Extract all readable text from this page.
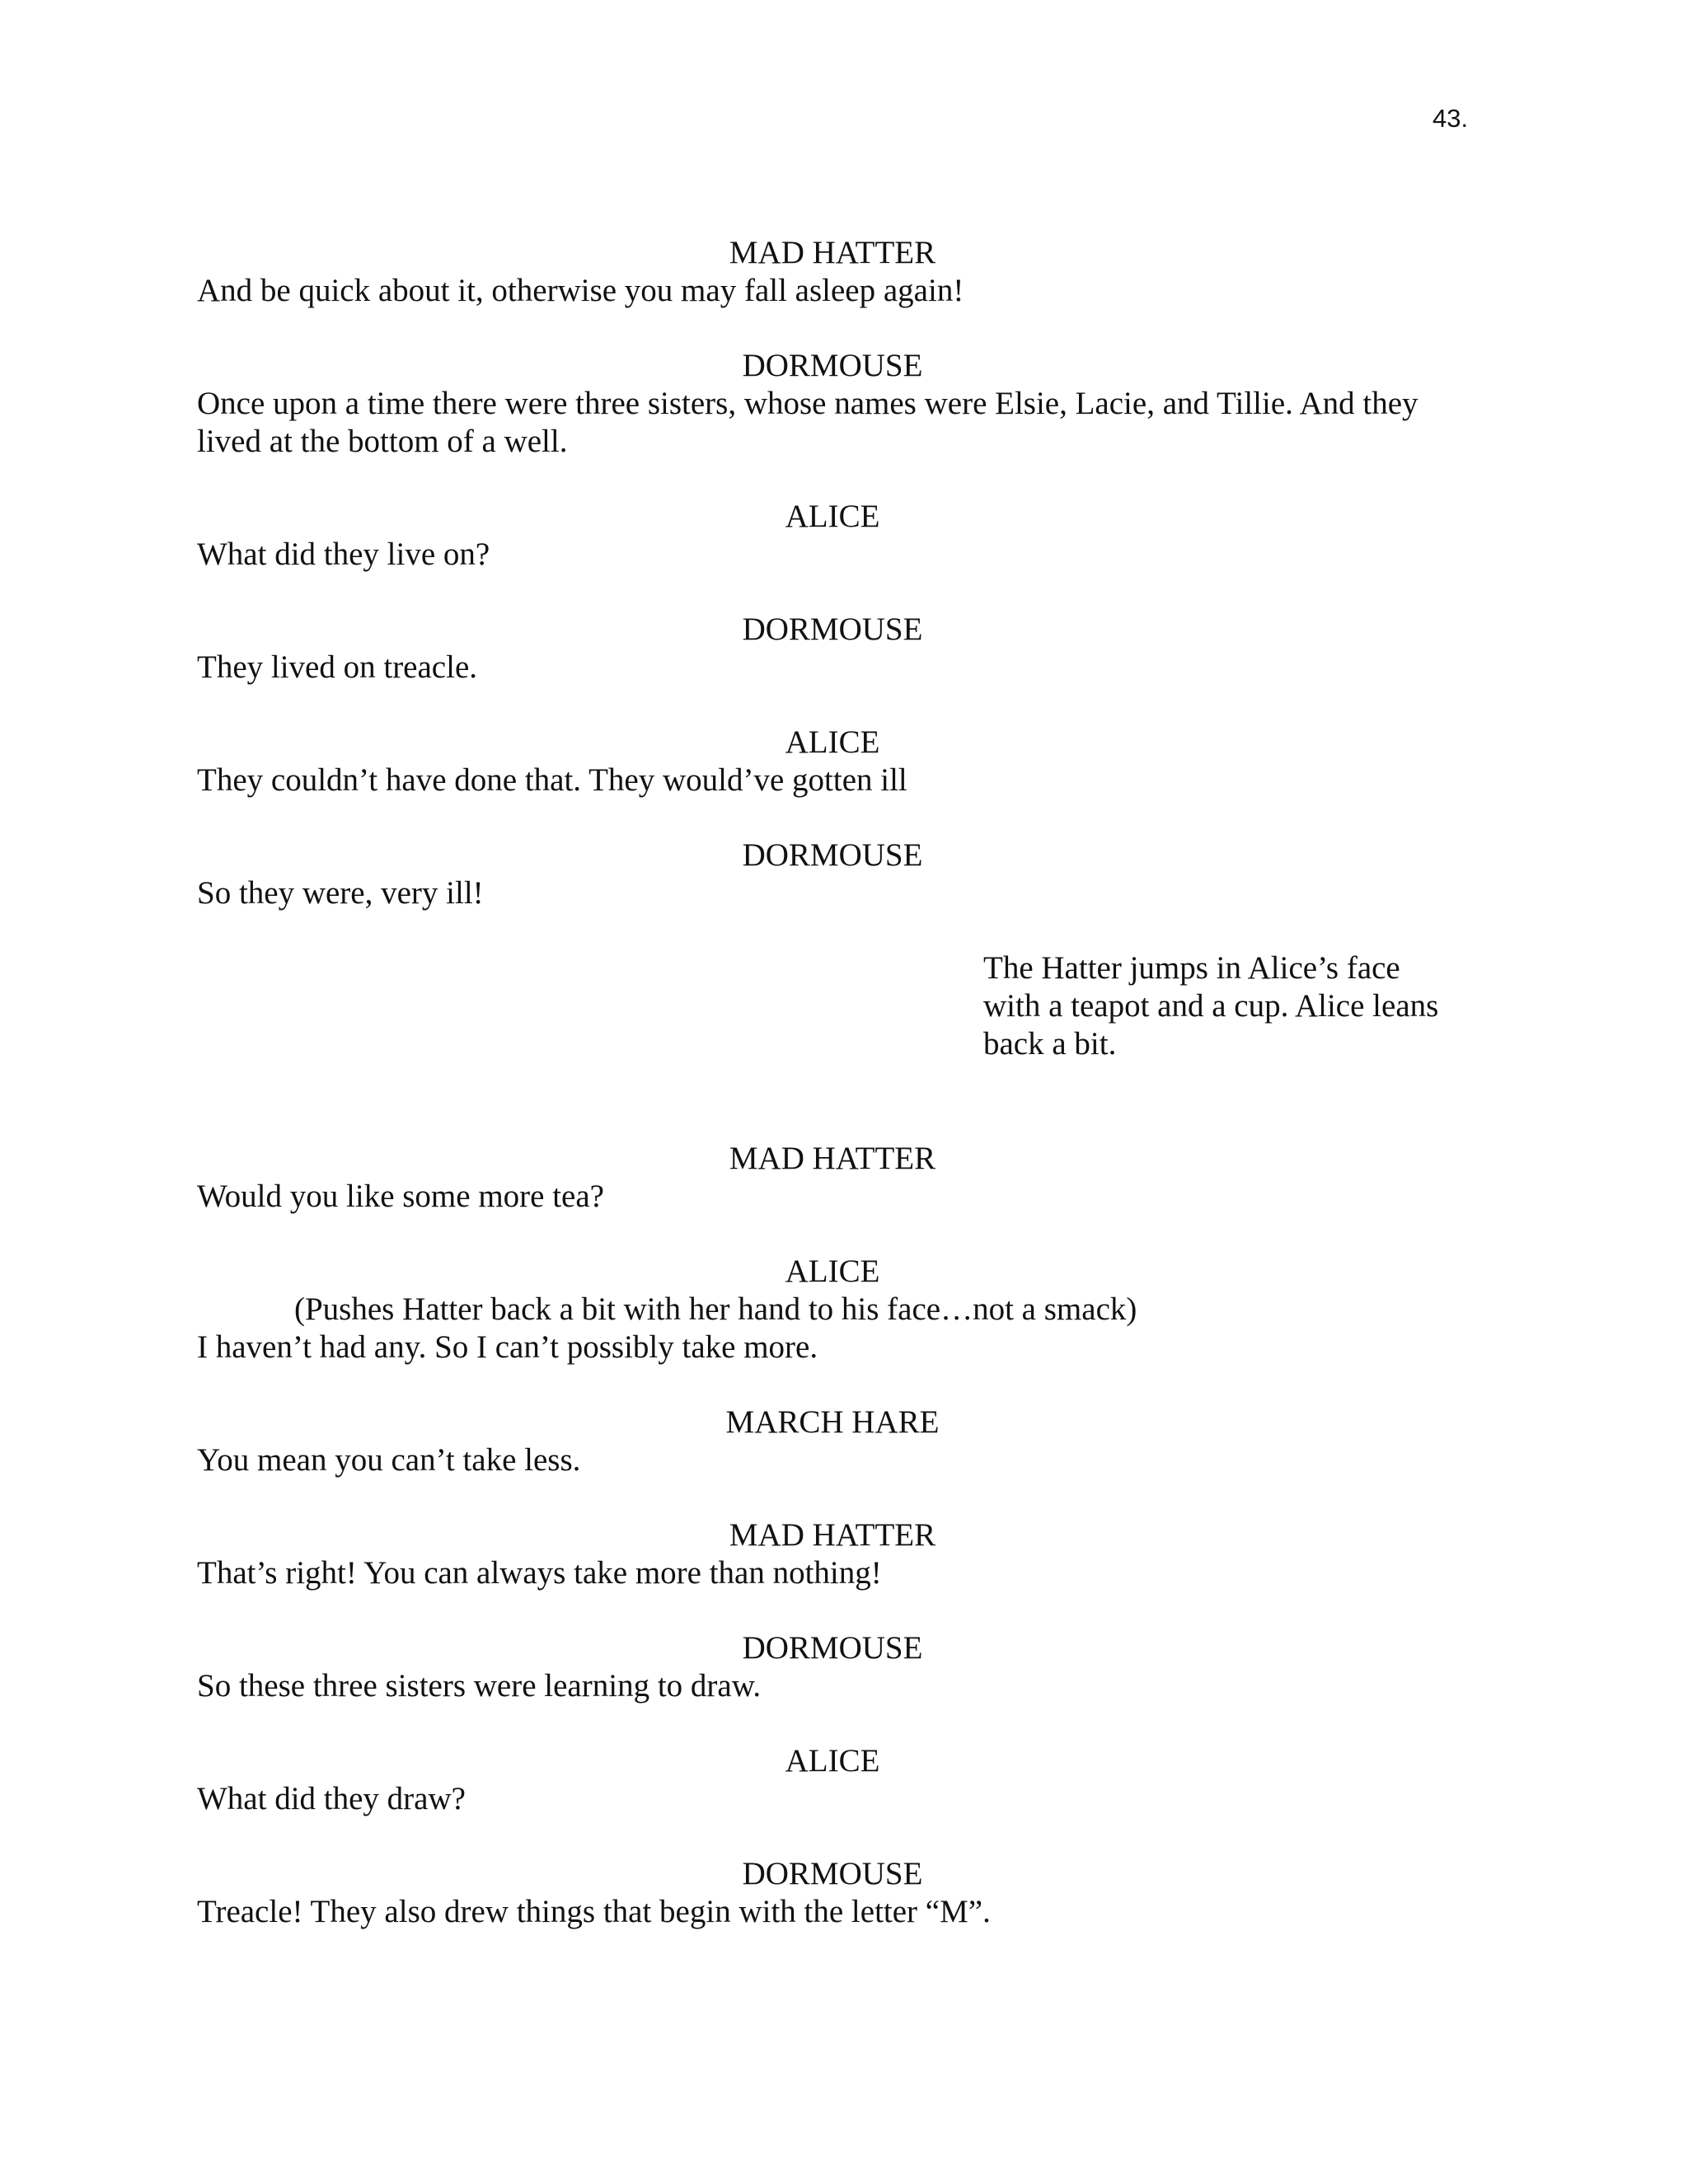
43.
MAD HATTER
And be quick about it, otherwise you may fall asleep again!
DORMOUSE
Once upon a time there were three sisters, whose names were Elsie, Lacie, and Tillie. And they lived at the bottom of a well.
ALICE
What did they live on?
DORMOUSE
They lived on treacle.
ALICE
They couldn’t have done that. They would’ve gotten ill
DORMOUSE
So they were, very ill!
The Hatter jumps in Alice’s face with a teapot and a cup. Alice leans back a bit.
MAD HATTER
Would you like some more tea?
ALICE
(Pushes Hatter back a bit with her hand to his face…not a smack)
I haven’t had any. So I can’t possibly take more.
MARCH HARE
You mean you can’t take less.
MAD HATTER
That’s right! You can always take more than nothing!
DORMOUSE
So these three sisters were learning to draw.
ALICE
What did they draw?
DORMOUSE
Treacle! They also drew things that begin with the letter “M”.
